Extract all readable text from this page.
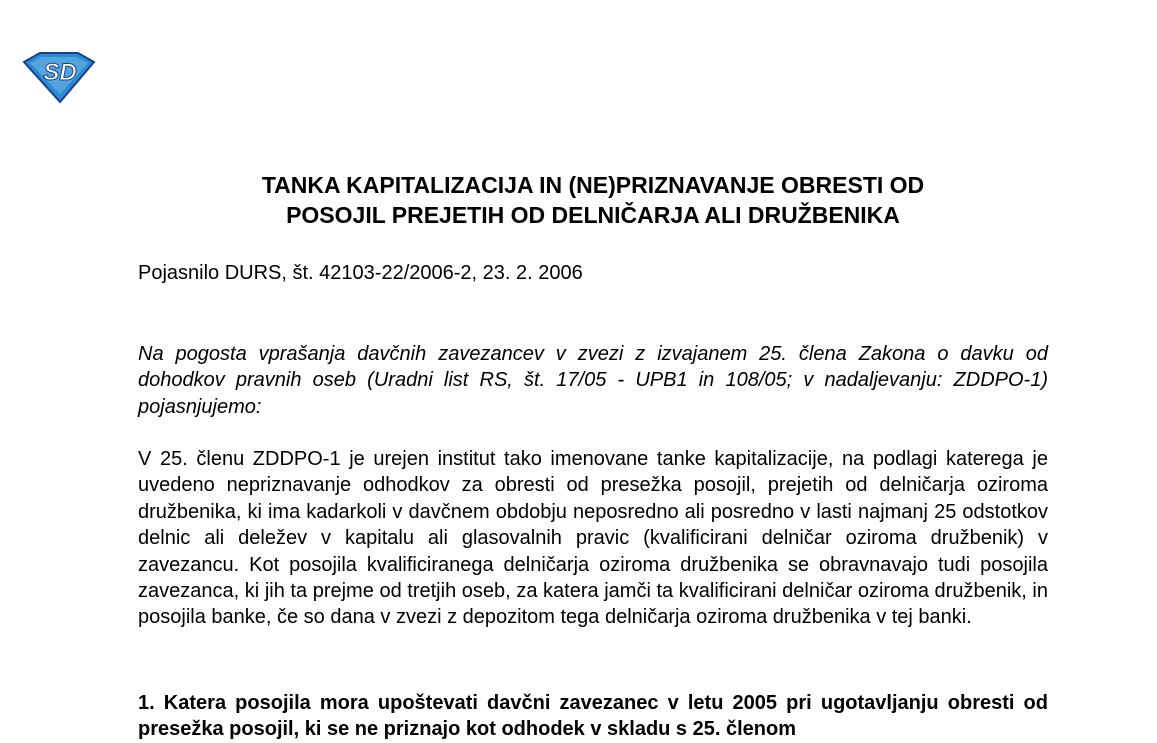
SD
TANKA KAPITALIZACIJA IN (NE)PRIZNAVANJE OBRESTI OD
POSOJIL PREJETIH OD DELNIČARJA ALI DRUŽBENIKA

Pojasnilo DURS, št. 42103-22/2006-2, 23. 2. 2006

Na pogosta vprašanja davčnih zavezancev v zvezi z izvajanem 25. člena Zakona o davku od dohodkov pravnih oseb (Uradni list RS, št. 17/05 - UPB1 in 108/05; v nadaljevanju: ZDDPO-1) pojasnjujemo:

V 25. členu ZDDPO-1 je urejen institut tako imenovane tanke kapitalizacije, na podlagi katerega je uvedeno nepriznavanje odhodkov za obresti od presežka posojil, prejetih od delničarja oziroma družbenika, ki ima kadarkoli v davčnem obdobju neposredno ali posredno v lasti najmanj 25 odstotkov delnic ali deležev v kapitalu ali glasovalnih pravic (kvalificirani delničar oziroma družbenik) v zavezancu. Kot posojila kvalificiranega delničarja oziroma družbenika se obravnavajo tudi posojila zavezanca, ki jih ta prejme od tretjih oseb, za katera jamči ta kvalificirani delničar oziroma družbenik, in posojila banke, če so dana v zvezi z depozitom tega delničarja oziroma družbenika v tej banki.

1. Katera posojila mora upoštevati davčni zavezanec v letu 2005 pri ugotavljanju obresti od presežka posojil, ki se ne priznajo kot odhodek v skladu s 25. členom
